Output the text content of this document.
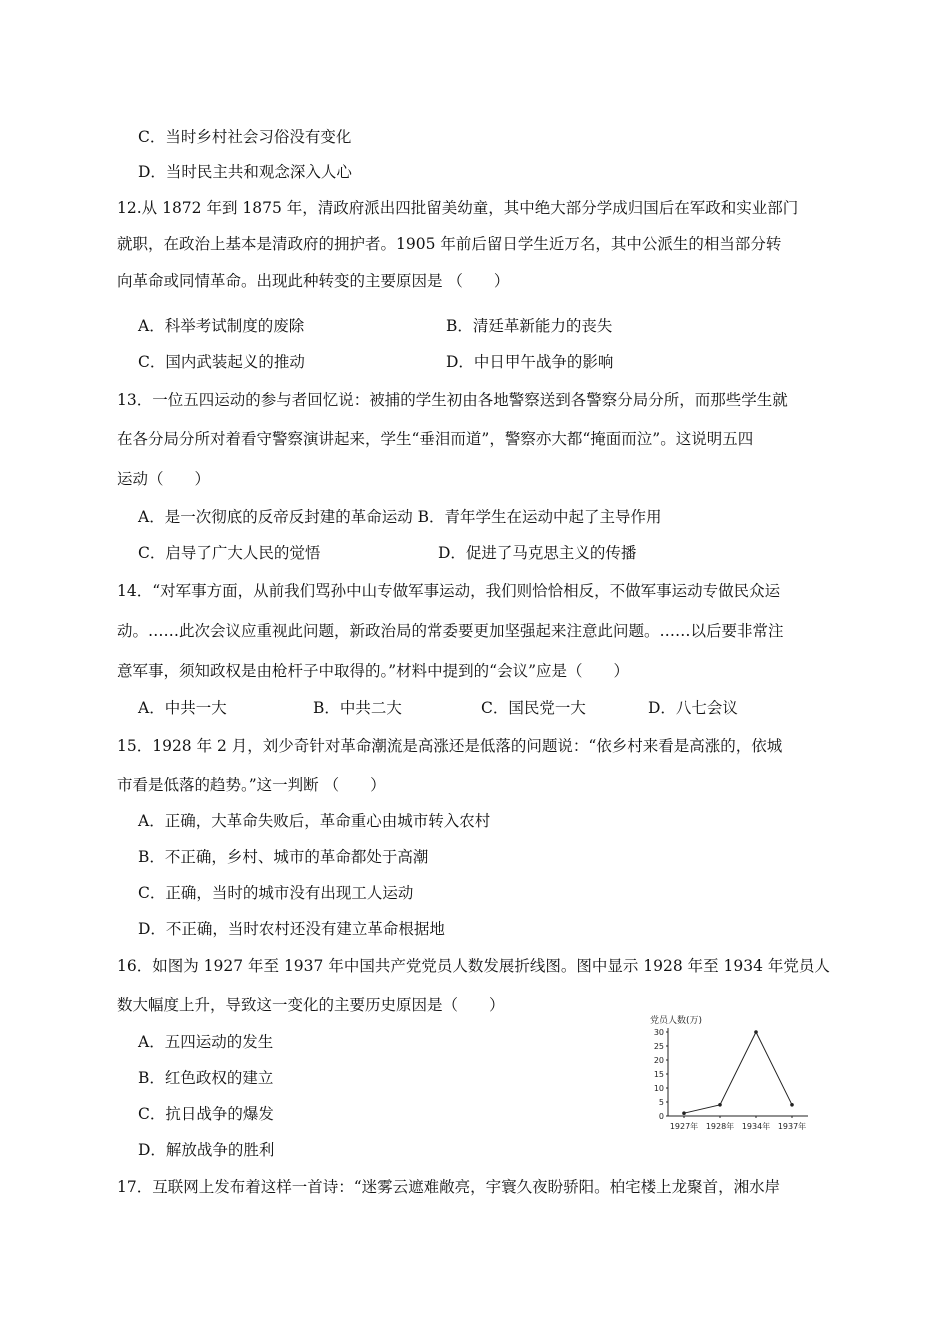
C．当时乡村社会习俗没有变化
D．当时民主共和观念深入人心
12.从 1872 年到 1875 年，清政府派出四批留美幼童，其中绝大部分学成归国后在军政和实业部门
就职，在政治上基本是清政府的拥护者。1905 年前后留日学生近万名，其中公派生的相当部分转
向革命或同情革命。出现此种转变的主要原因是 （　　）
A．科举考试制度的废除	B．清廷革新能力的丧失
C．国内武装起义的推动	D．中日甲午战争的影响
13．一位五四运动的参与者回忆说：被捕的学生初由各地警察送到各警察分局分所，而那些学生就
在各分局分所对着看守警察演讲起来，学生“垂泪而道”，警察亦大都“掩面而泣”。这说明五四
运动（　　）
A．是一次彻底的反帝反封建的革命运动 B．青年学生在运动中起了主导作用
C．启导了广大人民的觉悟	D．促进了马克思主义的传播
14．“对军事方面，从前我们骂孙中山专做军事运动，我们则恰恰相反，不做军事运动专做民众运
动。……此次会议应重视此问题，新政治局的常委要更加坚强起来注意此问题。……以后要非常注
意军事，须知政权是由枪杆子中取得的。”材料中提到的“会议”应是（　　）
A．中共一大	B．中共二大	C．国民党一大	D．八七会议
15．1928 年 2 月，刘少奇针对革命潮流是高涨还是低落的问题说：“依乡村来看是高涨的，依城
市看是低落的趋势。”这一判断 （　　）
A．正确，大革命失败后，革命重心由城市转入农村
B．不正确，乡村、城市的革命都处于高潮
C．正确，当时的城市没有出现工人运动
D．不正确，当时农村还没有建立革命根据地
16．如图为 1927 年至 1937 年中国共产党党员人数发展折线图。图中显示 1928 年至 1934 年党员人
数大幅度上升，导致这一变化的主要历史原因是（　　）
A．五四运动的发生
B．红色政权的建立
C．抗日战争的爆发
D．解放战争的胜利
党员人数(万)
0
5
10
15
20
25
30
1927年 1928年 1934年 1937年
17．互联网上发布着这样一首诗：“迷雾云遮难敞亮，宇寰久夜盼骄阳。柏宅楼上龙聚首，湘水岸
